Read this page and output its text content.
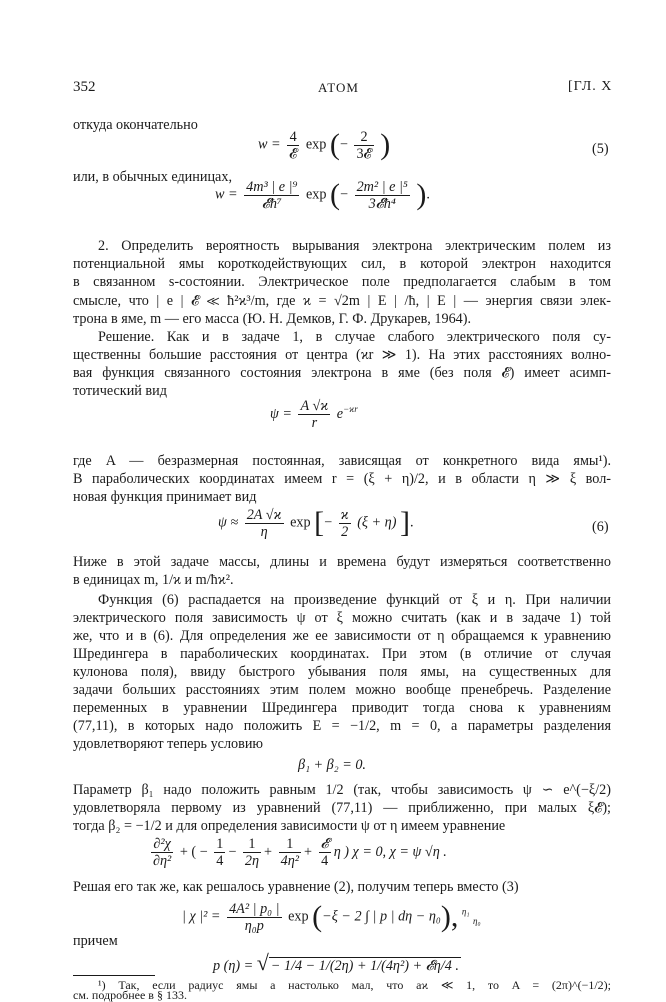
352	АТОМ	[ГЛ. X
откуда окончательно
$w = \frac{4}{\text{𝓔}}$ exp (− $\frac{2}{\text{3𝓔}}$ )	(5)
или, в обычных единицах,
$w = \frac{\text{4m³ | e |⁹}}{\text{𝓔ħ⁷}}$ exp (− $\frac{\text{2m² | e |⁵}}{\text{3𝓔ħ⁴}}$ ).
2. Определить вероятность вырывания электрона электрическим полем из
потенциальной ямы короткодействующих сил, в которой электрон находится
в связанном s-состоянии. Электрическое поле предполагается слабым в том
смысле, что | e | 𝓔 ≪ ħ²ϰ³/m, где ϰ = √2m | E | /ħ, | E | — энергия связи элек-
трона в яме, m — его масса (Ю. Н. Демков, Г. Ф. Друкарев, 1964).
Решение. Как и в задаче 1, в случае слабого электрического поля су-
щественны большие расстояния от центра (ϰr ≫ 1). На этих расстояниях волно-
вая функция связанного состояния электрона в яме (без поля 𝓔) имеет асимп-
тотический вид
$\psi = \frac{A √ϰ}{r} e^{-ϰr}$
где A — безразмерная постоянная, зависящая от конкретного вида ямы¹).
В параболических координатах имеем r = (ξ + η)/2, и в области η ≫ ξ вол-
новая функция принимает вид
$\psi \approx \frac{2A √ϰ}{\eta}$ exp [− $\frac{ϰ}{2} (\xi + \eta)$ ].	(6)
Ниже в этой задаче массы, длины и времена будут измеряться соответственно
в единицах m, 1/ϰ и m/ħϰ².
Функция (6) распадается на произведение функций от ξ и η. При наличии
электрического поля зависимость ψ от ξ можно считать (как и в задаче 1) той
же, что и в (6). Для определения же ее зависимости от η обращаемся к уравнению
Шредингера в параболических координатах. При этом (в отличие от случая
кулонова поля), ввиду быстрого убывания поля ямы, на существенных для
задачи больших расстояниях этим полем можно вообще пренебречь. Разделение
переменных в уравнении Шредингера приводит тогда снова к уравнениям
(77,11), в которых надо положить E = −1/2, m = 0, а параметры разделения
удовлетворяют теперь условию
β₁ + β₂ = 0.
Параметр β₁ надо положить равным 1/2 (так, чтобы зависимость ψ ∽ e^(−ξ/2)
удовлетворяла первому из уравнений (77,11) — приближенно, при малых ξ𝓔);
тогда β₂ = −1/2 и для определения зависимости ψ от η имеем уравнение
$\frac{\text{∂²χ}}{\text{∂η²}}$ + ( − $\frac{1}{4} - \frac{1}{2\eta} + \frac{1}{\text{4η²}} + \frac{\text{𝓔}}{4}$ η ) χ = 0, χ = ψ √η .
Решая его так же, как решалось уравнение (2), получим теперь вместо (3)
| χ $|^2 = \frac{\text{4A² | p₀ |}}{\text{η₀p}}$ exp (−ξ − 2 ∫ | p | dη − η₀), $^{\eta_1}$ $_{\eta_0}$
причем
p (η) = √ − 1/4 − 1/(2η) + 1/(4η²) + 𝓔η/4 .
¹) Так, если радиус ямы a настолько мал, что aϰ ≪ 1, то A = (2π)^(−1/2);
см. подробнее в § 133.
